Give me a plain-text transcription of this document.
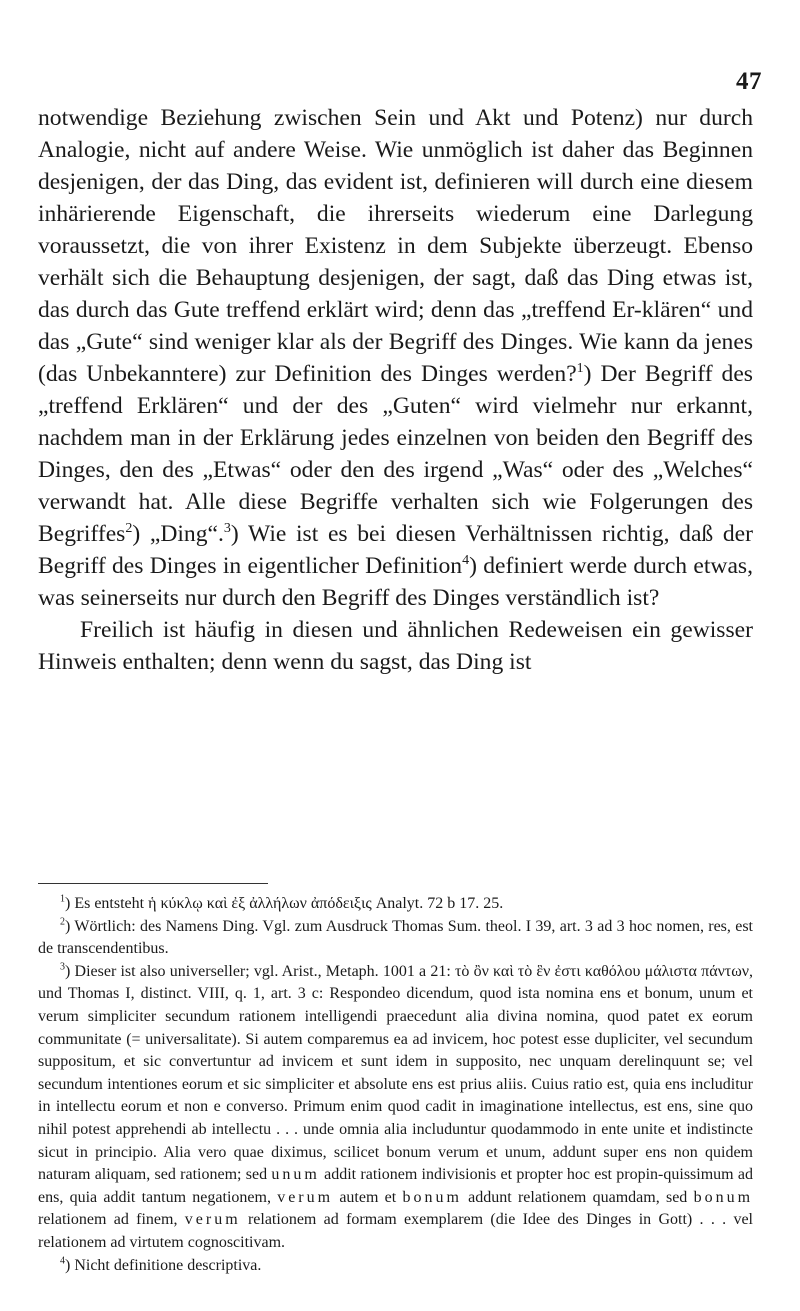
47

notwendige Beziehung zwischen Sein und Akt und Potenz) nur durch Analogie, nicht auf andere Weise. Wie unmöglich ist daher das Beginnen desjenigen, der das Ding, das evident ist, definieren will durch eine diesem inhärierende Eigenschaft, die ihrerseits wiederum eine Darlegung voraussetzt, die von ihrer Existenz in dem Subjekte überzeugt. Ebenso verhält sich die Behauptung desjenigen, der sagt, daß das Ding etwas ist, das durch das Gute treffend erklärt wird; denn das „treffend Er-klären“ und das „Gute“ sind weniger klar als der Begriff des Dinges. Wie kann da jenes (das Unbekanntere) zur Definition des Dinges werden?$^1$) Der Begriff des „treffend Erklären“ und der des „Guten“ wird vielmehr nur erkannt, nachdem man in der Erklärung jedes einzelnen von beiden den Begriff des Dinges, den des „Etwas“ oder den des irgend „Was“ oder des „Welches“ verwandt hat. Alle diese Begriffe verhalten sich wie Folgerungen des Begriffes$^2$) „Ding“.$^3$) Wie ist es bei diesen Verhältnissen richtig, daß der Begriff des Dinges in eigentlicher Definition$^4$) definiert werde durch etwas, was seinerseits nur durch den Begriff des Dinges verständlich ist?

Freilich ist häufig in diesen und ähnlichen Redeweisen ein gewisser Hinweis enthalten; denn wenn du sagst, das Ding ist

$^1$) Es entsteht ἡ κύκλῳ καὶ ἐξ ἀλλήλων ἀπόδειξις Analyt. 72 b 17. 25.

$^2$) Wörtlich: des Namens Ding. Vgl. zum Ausdruck Thomas Sum. theol. I 39, art. 3 ad 3 hoc nomen, res, est de transcendentibus.

$^3$) Dieser ist also universeller; vgl. Arist., Metaph. 1001 a 21: τὸ ὂν καὶ τὸ ἓν ἐστι καθόλου μάλιστα πάντων, und Thomas I, distinct. VIII, q. 1, art. 3 c: Respondeo dicendum, quod ista nomina ens et bonum, unum et verum simpliciter secundum rationem intelligendi praecedunt alia divina nomina, quod patet ex eorum communitate (= universalitate). Si autem comparemus ea ad invicem, hoc potest esse dupliciter, vel secundum suppositum, et sic convertuntur ad invicem et sunt idem in supposito, nec unquam derelinquunt se; vel secundum intentiones eorum et sic simpliciter et absolute ens est prius aliis. Cuius ratio est, quia ens includitur in intellectu eorum et non e converso. Primum enim quod cadit in imaginatione intellectus, est ens, sine quo nihil potest apprehendi ab intellectu . . . unde omnia alia includuntur quodammodo in ente unite et indistincte sicut in principio. Alia vero quae diximus, scilicet bonum verum et unum, addunt super ens non quidem naturam aliquam, sed rationem; sed unum addit rationem indivisionis et propter hoc est propin-quissimum ad ens, quia addit tantum negationem, verum autem et bonum addunt relationem quamdam, sed bonum relationem ad finem, verum relationem ad formam exemplarem (die Idee des Dinges in Gott) . . . vel relationem ad virtutem cognoscitivam.

$^4$) Nicht definitione descriptiva.
